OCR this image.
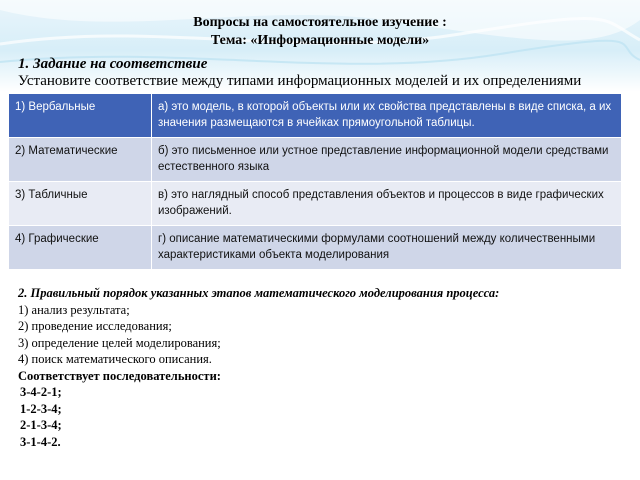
Вопросы на самостоятельное изучение :
Тема: «Информационные модели»
1. Задание на соответствие
Установите соответствие между типами информационных моделей и их определениями
1) Вербальные	а) это модель, в которой объекты или их свойства представлены в виде списка, а их значения размещаются в ячейках прямоугольной таблицы.
2) Математические	б) это письменное или устное представление информационной модели средствами естественного языка
3) Табличные	в) это наглядный способ представления объектов и процессов в виде графических изображений.
4) Графические	г) описание математическими формулами соотношений между количественными характеристиками объекта моделирования
2. Правильный порядок указанных этапов математического моделирования процесса:
1) анализ результата;
2) проведение исследования;
3) определение целей моделирования;
4) поиск математического описания.
Соответствует последовательности:
3-4-2-1;
1-2-3-4;
2-1-3-4;
3-1-4-2.
